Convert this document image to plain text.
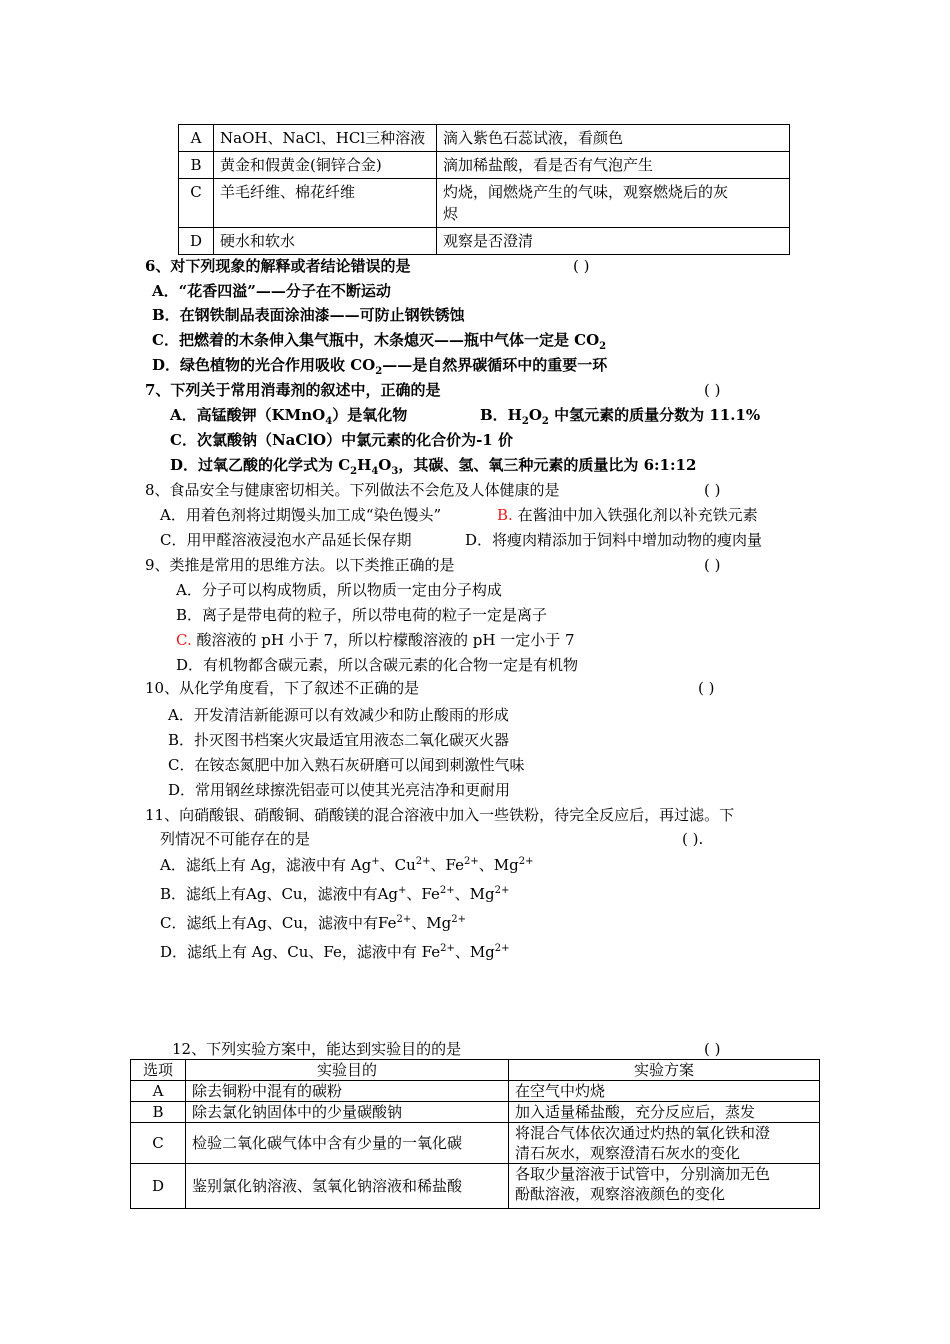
A	NaOH、NaCl、HCl三种溶液	滴入紫色石蕊试液，看颜色
B	黄金和假黄金(铜锌合金)	滴加稀盐酸，看是否有气泡产生
C	羊毛纤维、棉花纤维	灼烧，闻燃烧产生的气味，观察燃烧后的灰
烬

D	硬水和软水	观察是否澄清
6、对下列现象的解释或者结论错误的是	( )
A．“花香四溢”——分子在不断运动
B．在钢铁制品表面涂油漆——可防止钢铁锈蚀
C．把燃着的木条伸入集气瓶中，木条熄灭——瓶中气体一定是 $CO_2$
D．绿色植物的光合作用吸收 $CO_2——$是自然界碳循环中的重要一环
7、下列关于常用消毒剂的叙述中，正确的是	( )
A．高锰酸钾（KMnO$_4$）是氧化物	B．$H_2O_2$ 中氢元素的质量分数为 11.1%
C．次氯酸钠（NaClO）中氯元素的化合价为-1 价
D．过氧乙酸的化学式为 $C_2H_4O_3$，其碳、氢、氧三种元素的质量比为 6:1:12
8、食品安全与健康密切相关。下列做法不会危及人体健康的是	( )
A．用着色剂将过期馒头加工成“染色馒头”	B. 在酱油中加入铁强化剂以补充铁元素
C．用甲醛溶液浸泡水产品延长保存期	D．将瘦肉精添加于饲料中增加动物的瘦肉量
9、类推是常用的思维方法。以下类推正确的是	( )
A．分子可以构成物质，所以物质一定由分子构成
B．离子是带电荷的粒子，所以带电荷的粒子一定是离子
C. 酸溶液的 pH 小于 7，所以柠檬酸溶液的 pH 一定小于 7
D．有机物都含碳元素，所以含碳元素的化合物一定是有机物
10、从化学角度看，下了叙述不正确的是	( )
A．开发清洁新能源可以有效减少和防止酸雨的形成
B．扑灭图书档案火灾最适宜用液态二氧化碳灭火器
C．在铵态氮肥中加入熟石灰研磨可以闻到刺激性气味
D．常用钢丝球擦洗铝壶可以使其光亮洁净和更耐用
11、向硝酸银、硝酸铜、硝酸镁的混合溶液中加入一些铁粉，待完全反应后，再过滤。下
列情况不可能存在的是	( ).
A．滤纸上有 Ag，滤液中有 Ag+、$Cu^{2+}$、$Fe^{2+}$、$Mg^{2+}$
B．滤纸上有Ag、Cu，滤液中有Ag+、$Fe^{2+}$、$Mg^{2+}$
C．滤纸上有Ag、Cu，滤液中有$Fe^{2+}$、$Mg^{2+}$
D．滤纸上有 Ag、Cu、Fe，滤液中有 $Fe^{2+}$、$Mg^{2+}$
12、下列实验方案中，能达到实验目的的是	( )
选项	实验目的	实验方案
A	除去铜粉中混有的碳粉	在空气中灼烧
B	除去氯化钠固体中的少量碳酸钠	加入适量稀盐酸，充分反应后，蒸发
C	检验二氧化碳气体中含有少量的一氧化碳	将混合气体依次通过灼热的氧化铁和澄
清石灰水，观察澄清石灰水的变化

D	鉴别氯化钠溶液、氢氧化钠溶液和稀盐酸	各取少量溶液于试管中，分别滴加无色
酚酞溶液，观察溶液颜色的变化
